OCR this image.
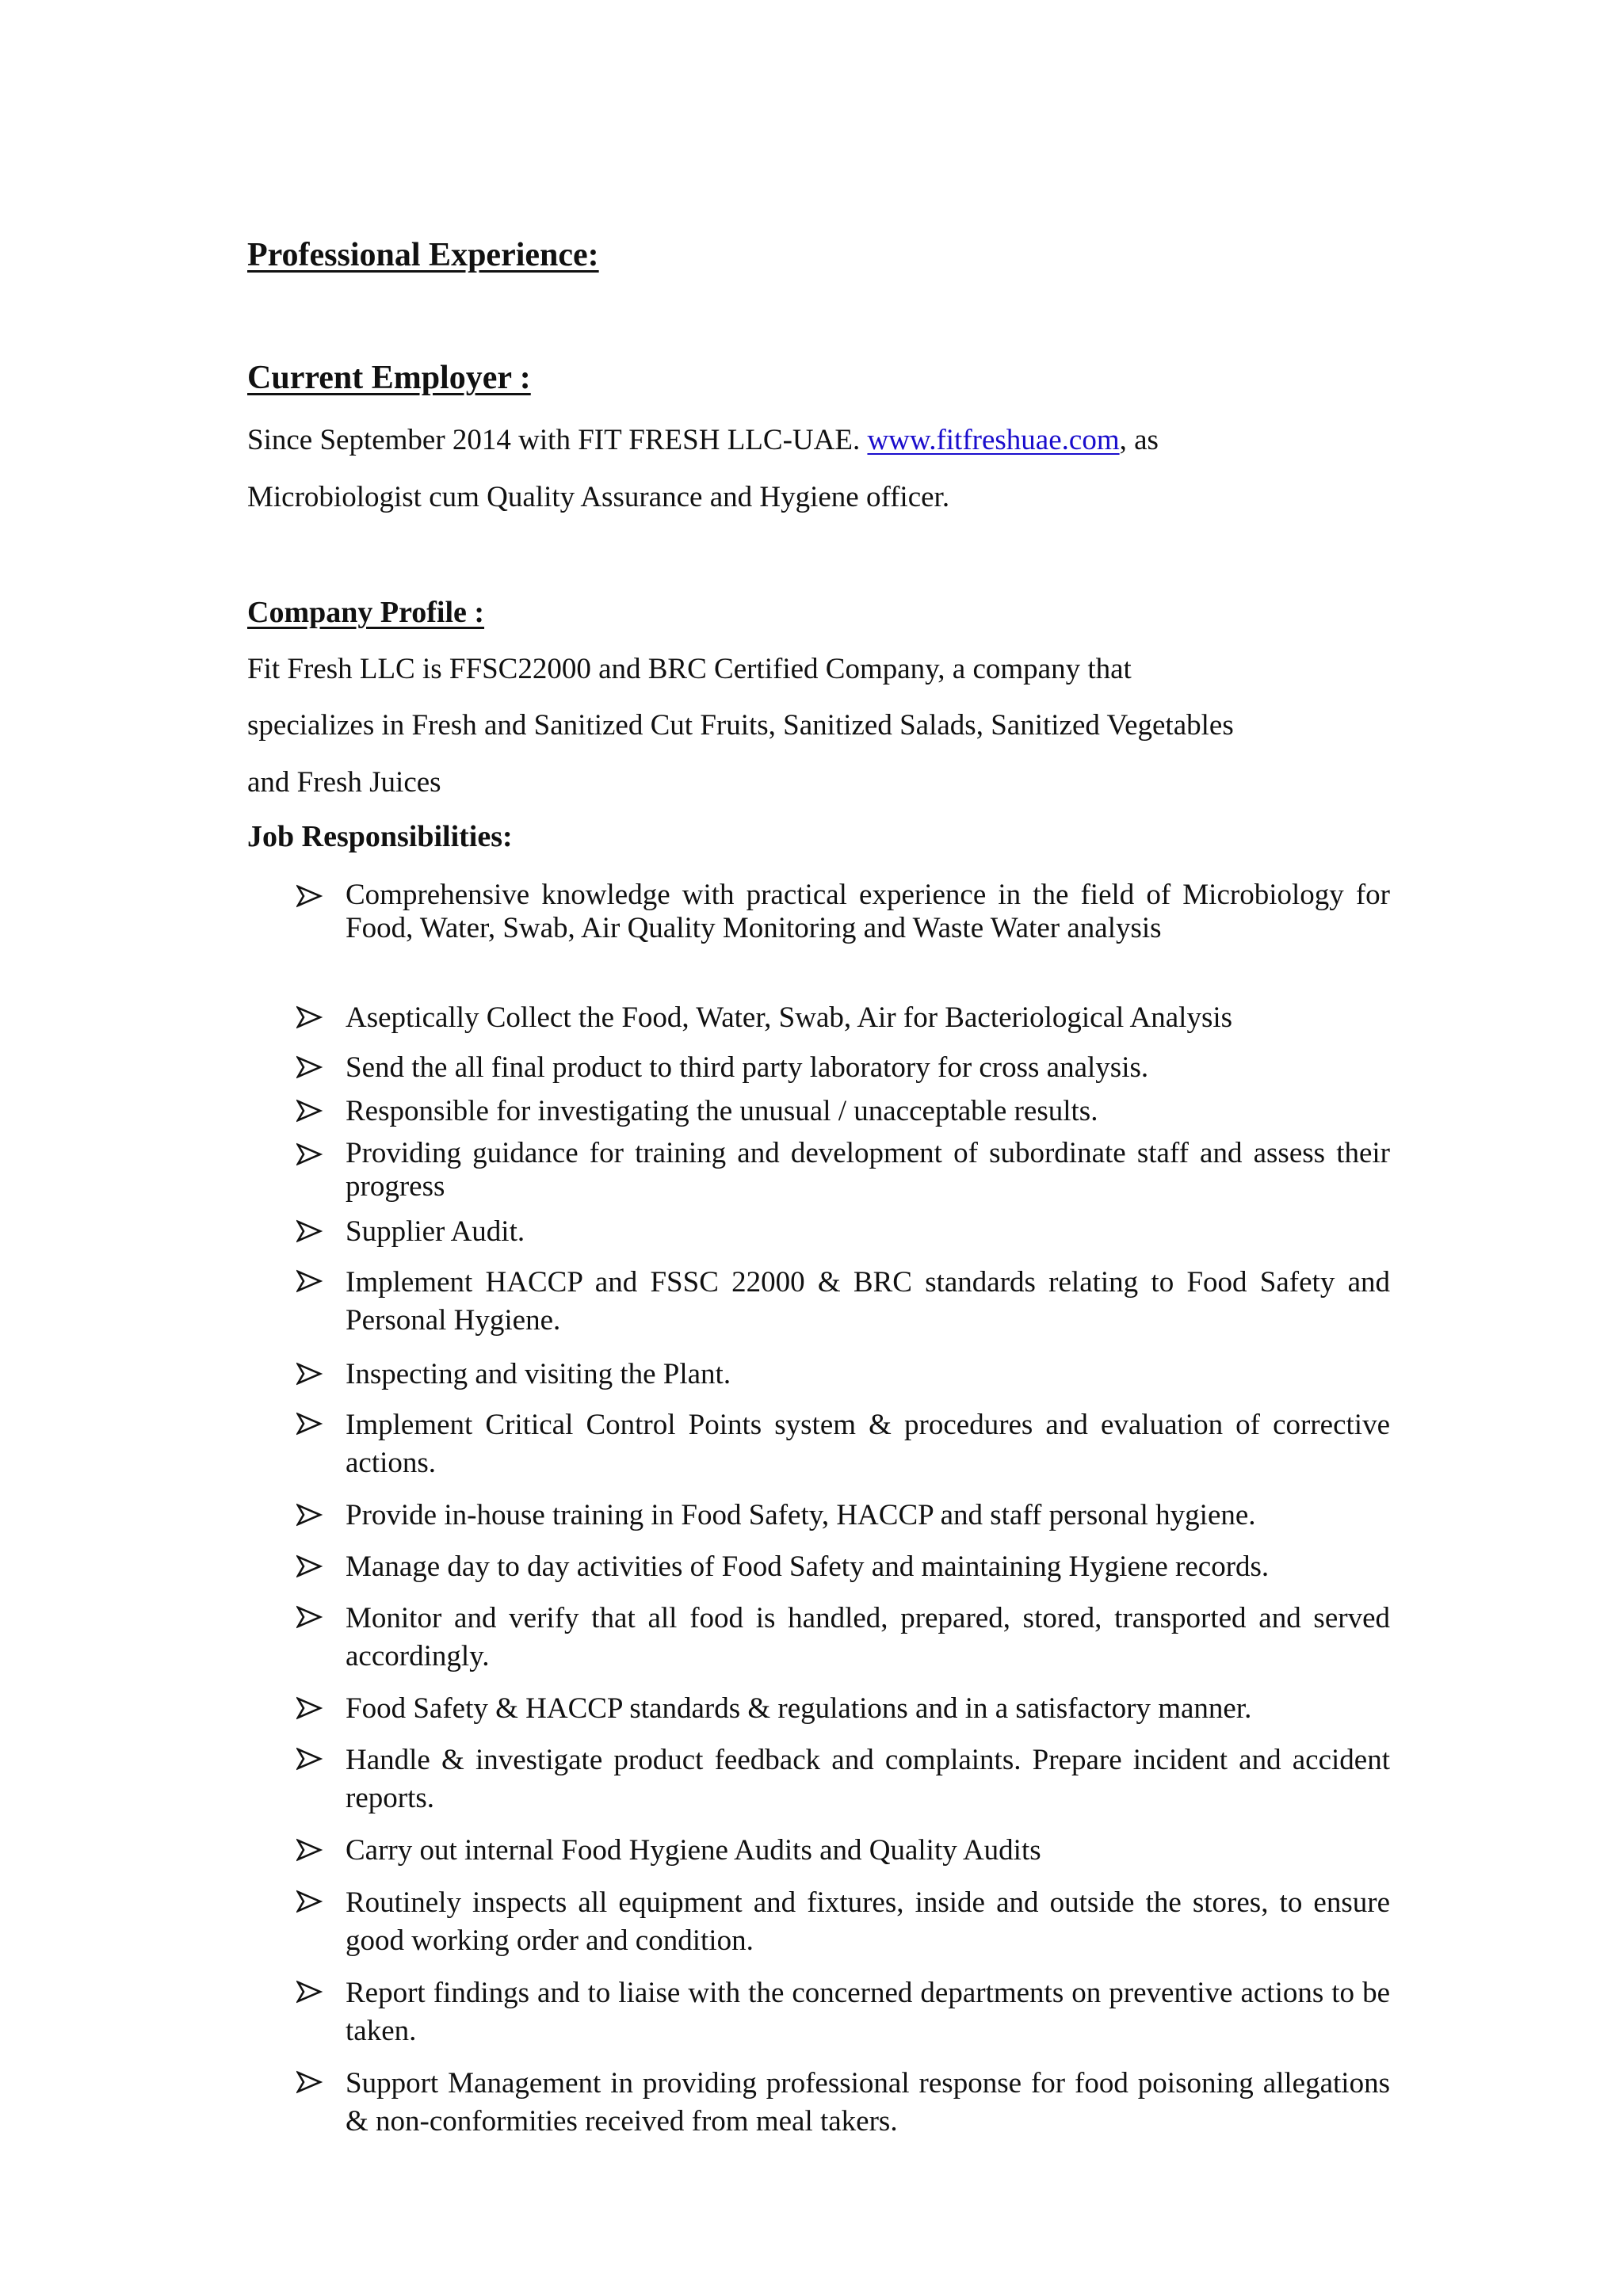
Professional Experience:
Current Employer :
Since September 2014 with FIT FRESH LLC-UAE. www.fitfreshuae.com, as
Microbiologist cum Quality Assurance and Hygiene officer.
Company Profile :
Fit Fresh LLC is FFSC22000 and BRC Certified Company, a company that
specializes in Fresh and Sanitized Cut Fruits, Sanitized Salads, Sanitized Vegetables
and Fresh Juices
Job Responsibilities:
Comprehensive knowledge with practical experience in the field of Microbiology for Food, Water, Swab, Air Quality Monitoring and Waste Water analysis
Aseptically Collect the Food, Water, Swab, Air for Bacteriological Analysis
Send the all final product to third party laboratory for cross analysis.
Responsible for investigating the unusual / unacceptable results.
Providing guidance for training and development of subordinate staff and assess their progress
Supplier Audit.
Implement HACCP and FSSC 22000 & BRC standards relating to Food Safety and Personal Hygiene.
Inspecting and visiting the Plant.
Implement Critical Control Points system & procedures and evaluation of corrective actions.
Provide in-house training in Food Safety, HACCP and staff personal hygiene.
Manage day to day activities of Food Safety and maintaining Hygiene records.
Monitor and verify that all food is handled, prepared, stored, transported and served accordingly.
Food Safety & HACCP standards & regulations and in a satisfactory manner.
Handle & investigate product feedback and complaints. Prepare incident and accident reports.
Carry out internal Food Hygiene Audits and Quality Audits
Routinely inspects all equipment and fixtures, inside and outside the stores, to ensure good working order and condition.
Report findings and to liaise with the concerned departments on preventive actions to be taken.
Support Management in providing professional response for food poisoning allegations & non-conformities received from meal takers.
